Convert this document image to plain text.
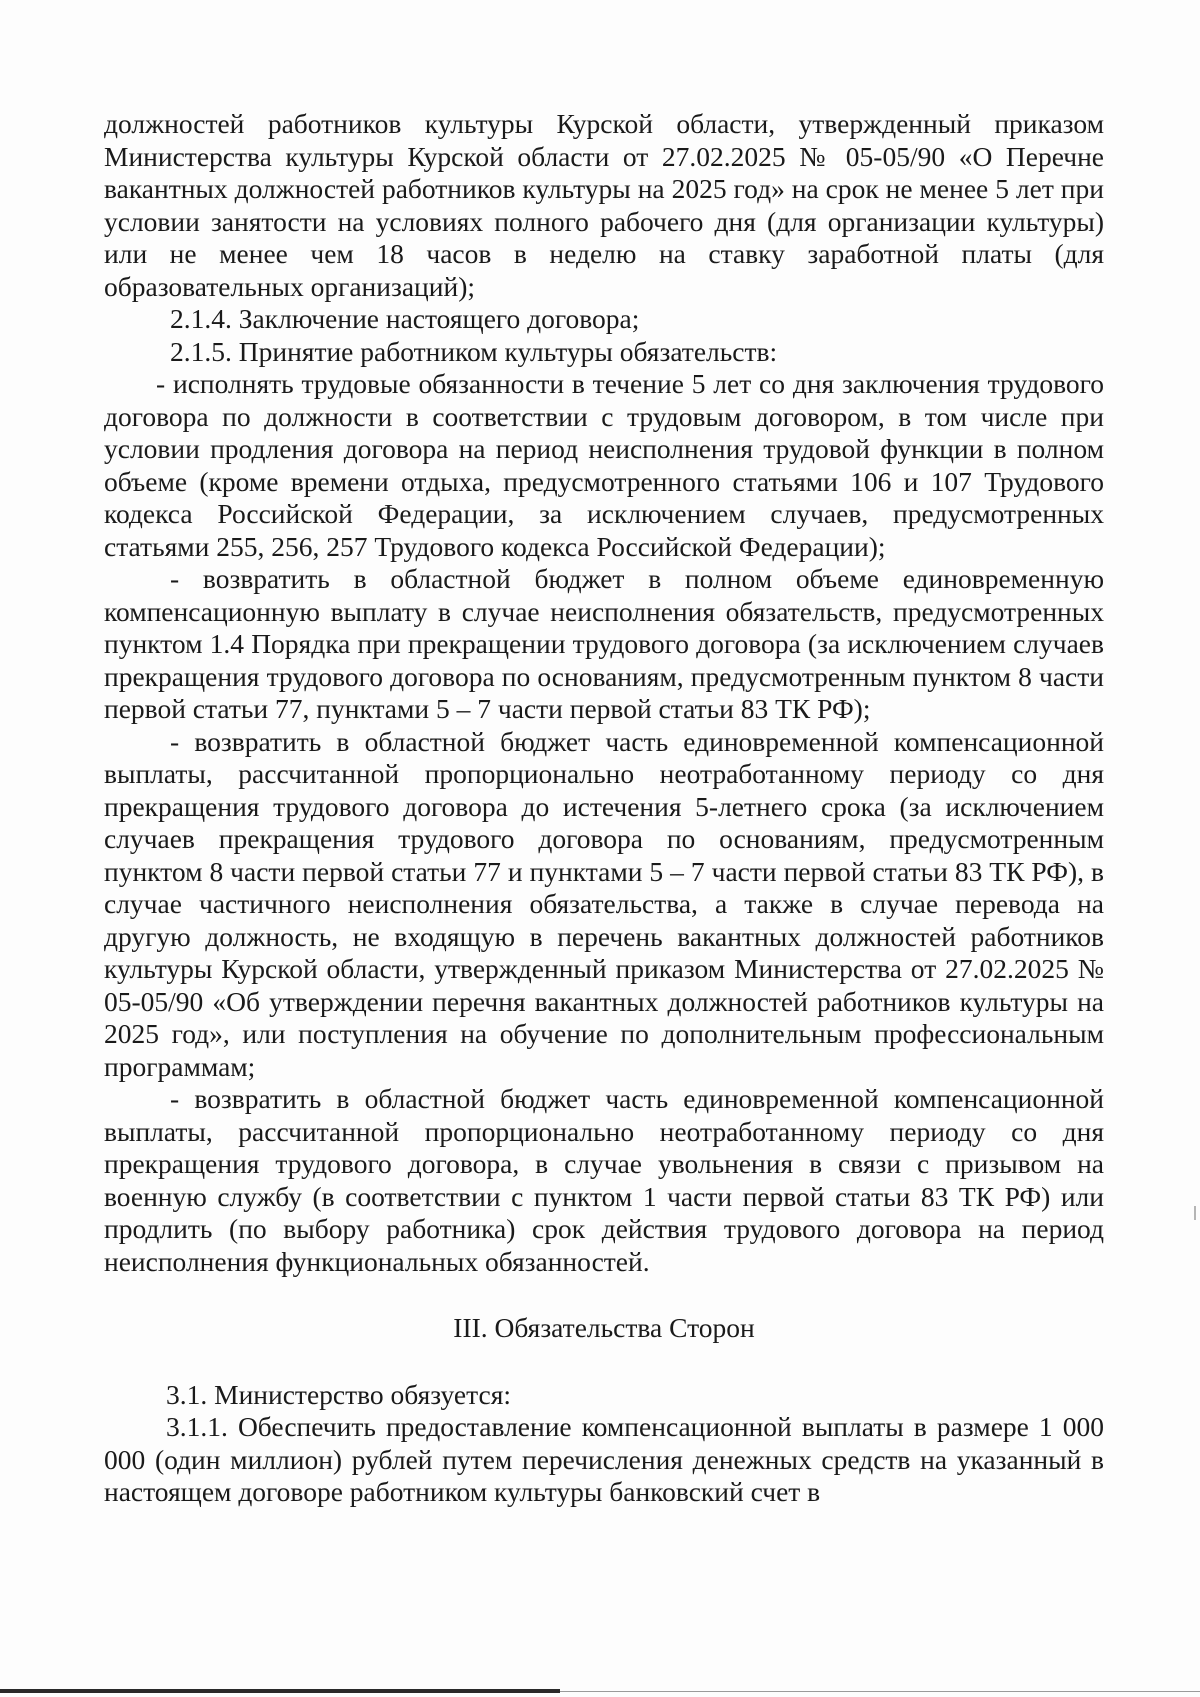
должностей работников культуры Курской области, утвержденный приказом Министерства культуры Курской области от 27.02.2025 № 05-05/90 «О Перечне вакантных должностей работников культуры на 2025 год» на срок не менее 5 лет при условии занятости на условиях полного рабочего дня (для организации культуры) или не менее чем 18 часов в неделю на ставку заработной платы (для образовательных организаций);

2.1.4. Заключение настоящего договора;

2.1.5. Принятие работником культуры обязательств:

- исполнять трудовые обязанности в течение 5 лет со дня заключения трудового договора по должности в соответствии с трудовым договором, в том числе при условии продления договора на период неисполнения трудовой функции в полном объеме (кроме времени отдыха, предусмотренного статьями 106 и 107 Трудового кодекса Российской Федерации, за исключением случаев, предусмотренных статьями 255, 256, 257 Трудового кодекса Российской Федерации);

- возвратить в областной бюджет в полном объеме единовременную компенсационную выплату в случае неисполнения обязательств, предусмотренных пунктом 1.4 Порядка при прекращении трудового договора (за исключением случаев прекращения трудового договора по основаниям, предусмотренным пунктом 8 части первой статьи 77, пунктами 5 – 7 части первой статьи 83 ТК РФ);

- возвратить в областной бюджет часть единовременной компенсационной выплаты, рассчитанной пропорционально неотработанному периоду со дня прекращения трудового договора до истечения 5-летнего срока (за исключением случаев прекращения трудового договора по основаниям, предусмотренным пунктом 8 части первой статьи 77 и пунктами 5 – 7 части первой статьи 83 ТК РФ), в случае частичного неисполнения обязательства, а также в случае перевода на другую должность, не входящую в перечень вакантных должностей работников культуры Курской области, утвержденный приказом Министерства от 27.02.2025 № 05-05/90 «Об утверждении перечня вакантных должностей работников культуры на 2025 год», или поступления на обучение по дополнительным профессиональным программам;

- возвратить в областной бюджет часть единовременной компенсационной выплаты, рассчитанной пропорционально неотработанному периоду со дня прекращения трудового договора, в случае увольнения в связи с призывом на военную службу (в соответствии с пунктом 1 части первой статьи 83 ТК РФ) или продлить (по выбору работника) срок действия трудового договора на период неисполнения функциональных обязанностей.

III. Обязательства Сторон

3.1. Министерство обязуется:

3.1.1. Обеспечить предоставление компенсационной выплаты в размере 1 000 000 (один миллион) рублей путем перечисления денежных средств на указанный в настоящем договоре работником культуры банковский счет в
